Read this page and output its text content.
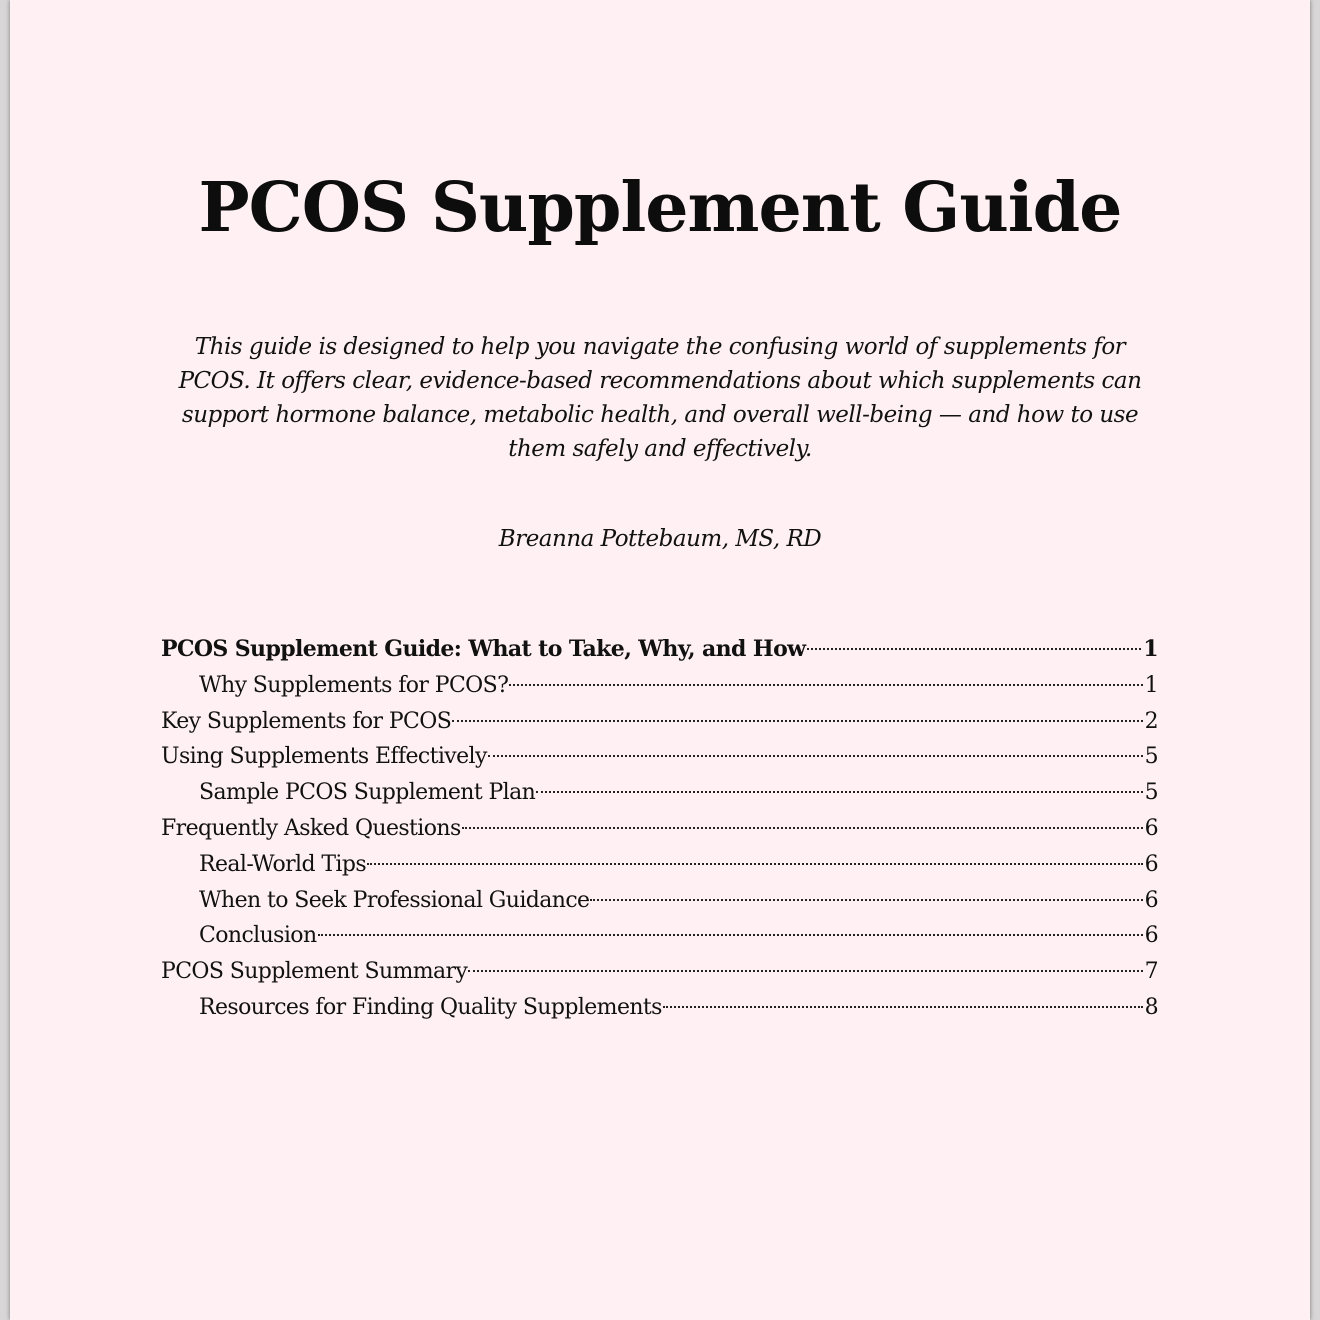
PCOS Supplement Guide

This guide is designed to help you navigate the confusing world of supplements for PCOS. It offers clear, evidence-based recommendations about which supplements can support hormone balance, metabolic health, and overall well-being — and how to use them safely and effectively.

Breanna Pottebaum, MS, RD

PCOS Supplement Guide: What to Take, Why, and How	1
Why Supplements for PCOS?	1
Key Supplements for PCOS	2
Using Supplements Effectively	5
Sample PCOS Supplement Plan	5
Frequently Asked Questions	6
Real-World Tips	6
When to Seek Professional Guidance	6
Conclusion	6
PCOS Supplement Summary	7
Resources for Finding Quality Supplements	8
